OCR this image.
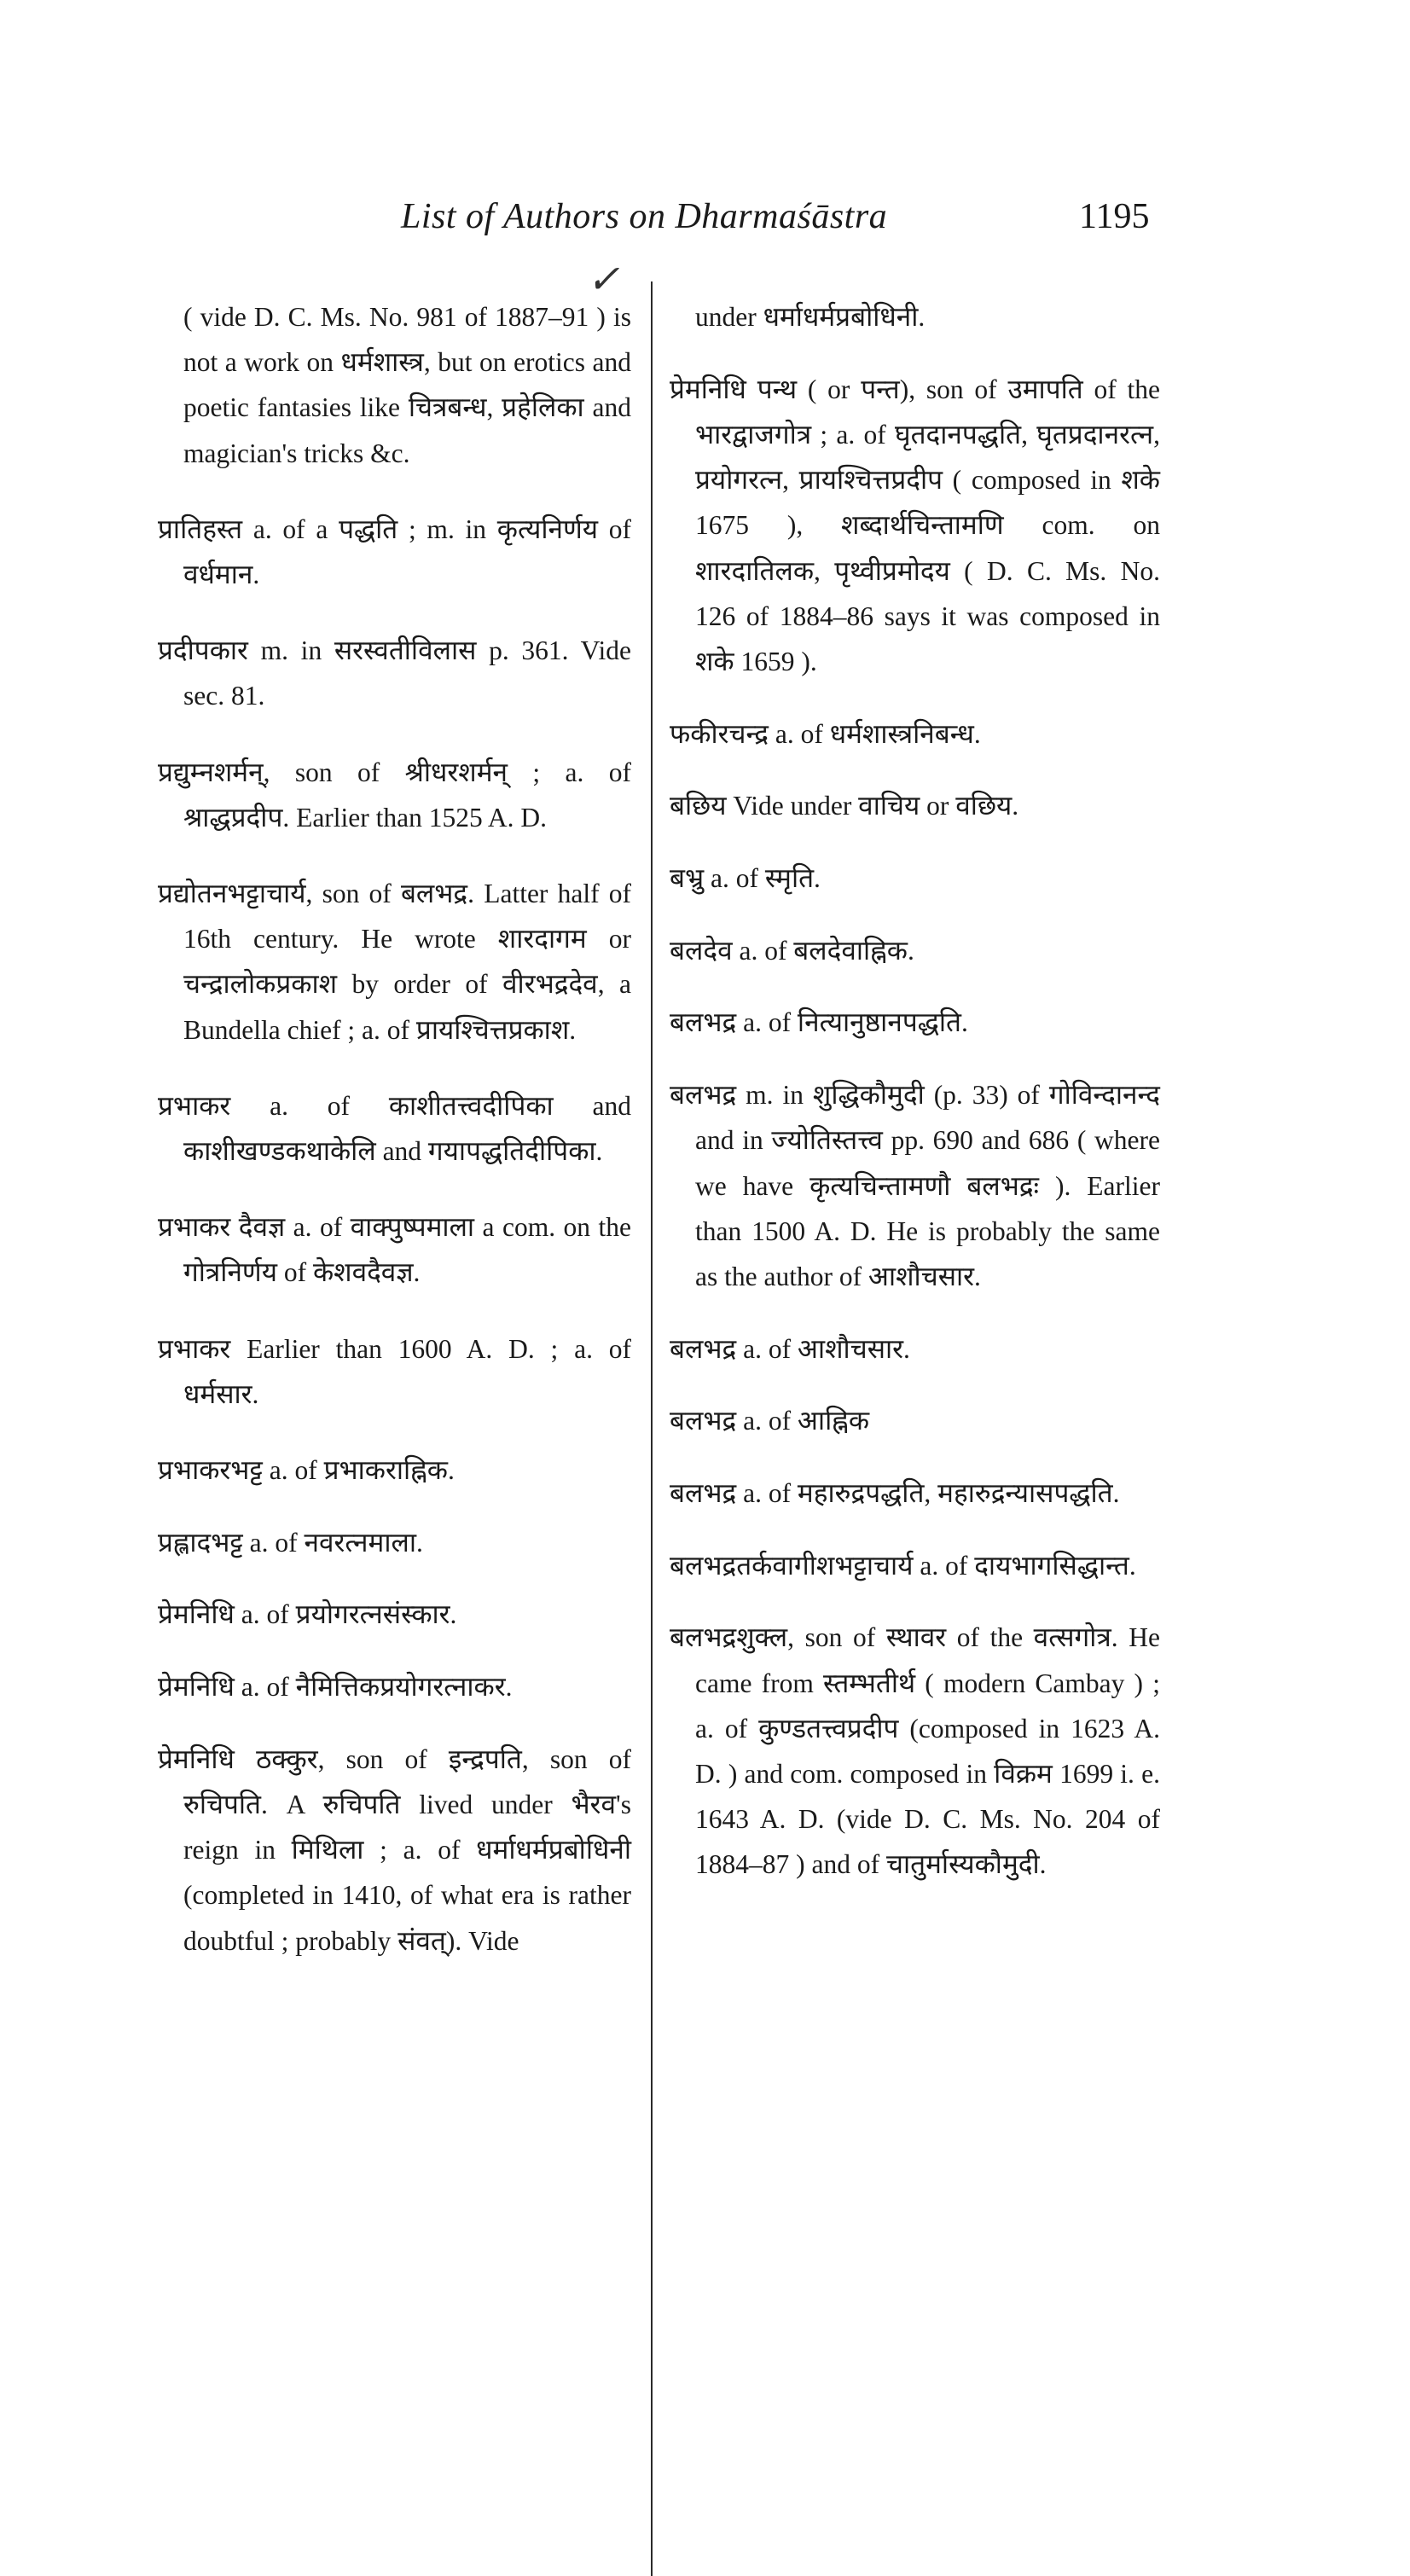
List of Authors on Dharmaśāstra	1195
✓

( vide D. C. Ms. No. 981 of 1887–91 ) is not a work on धर्मशास्त्र, but on erotics and poetic fantasies like चित्रबन्ध, प्रहेलिका and magician's tricks &c.

प्रातिहस्त a. of a पद्धति ; m. in कृत्यनिर्णय of वर्धमान.

प्रदीपकार m. in सरस्वतीविलास p. 361. Vide sec. 81.

प्रद्युम्नशर्मन्, son of श्रीधरशर्मन् ; a. of श्राद्धप्रदीप. Earlier than 1525 A. D.

प्रद्योतनभट्टाचार्य, son of बलभद्र. Latter half of 16th century. He wrote शारदागम or चन्द्रालोकप्रकाश by order of वीरभद्रदेव, a Bundella chief ; a. of प्रायश्चित्तप्रकाश.

प्रभाकर a. of काशीतत्त्वदीपिका and काशीखण्डकथाकेलि and गयापद्धतिदीपिका.

प्रभाकर दैवज्ञ a. of वाक्पुष्पमाला a com. on the गोत्रनिर्णय of केशवदैवज्ञ.

प्रभाकर Earlier than 1600 A. D. ; a. of धर्मसार.

प्रभाकरभट्ट a. of प्रभाकराह्निक.

प्रह्लादभट्ट a. of नवरत्नमाला.

प्रेमनिधि a. of प्रयोगरत्नसंस्कार.

प्रेमनिधि a. of नैमित्तिकप्रयोगरत्नाकर.

प्रेमनिधि ठक्कुर, son of इन्द्रपति, son of रुचिपति. A रुचिपति lived under भैरव's reign in मिथिला ; a. of धर्माधर्मप्रबोधिनी (completed in 1410, of what era is rather doubtful ; probably संवत्). Vide

under धर्माधर्मप्रबोधिनी.

प्रेमनिधि पन्थ ( or पन्त), son of उमापति of the भारद्वाजगोत्र ; a. of घृतदानपद्धति, घृतप्रदानरत्न, प्रयोगरत्न, प्रायश्चित्तप्रदीप ( composed in शके 1675 ), शब्दार्थचिन्तामणि com. on शारदातिलक, पृथ्वीप्रमोदय ( D. C. Ms. No. 126 of 1884–86 says it was composed in शके 1659 ).

फकीरचन्द्र a. of धर्मशास्त्रनिबन्ध.

बछिय Vide under वाचिय or वछिय.

बभ्रु a. of स्मृति.

बलदेव a. of बलदेवाह्निक.

बलभद्र a. of नित्यानुष्ठानपद्धति.

बलभद्र m. in शुद्धिकौमुदी (p. 33) of गोविन्दानन्द and in ज्योतिस्तत्त्व pp. 690 and 686 ( where we have कृत्यचिन्तामणौ बलभद्रः ). Earlier than 1500 A. D. He is probably the same as the author of आशौचसार.

बलभद्र a. of आशौचसार.

बलभद्र a. of आह्निक

बलभद्र a. of महारुद्रपद्धति, महारुद्रन्यासपद्धति.

बलभद्रतर्कवागीशभट्टाचार्य a. of दायभागसिद्धान्त.

बलभद्रशुक्ल, son of स्थावर of the वत्सगोत्र. He came from स्तम्भतीर्थ ( modern Cambay ) ; a. of कुण्डतत्त्वप्रदीप (composed in 1623 A. D. ) and com. composed in विक्रम 1699 i. e. 1643 A. D. (vide D. C. Ms. No. 204 of 1884–87 ) and of चातुर्मास्यकौमुदी.
